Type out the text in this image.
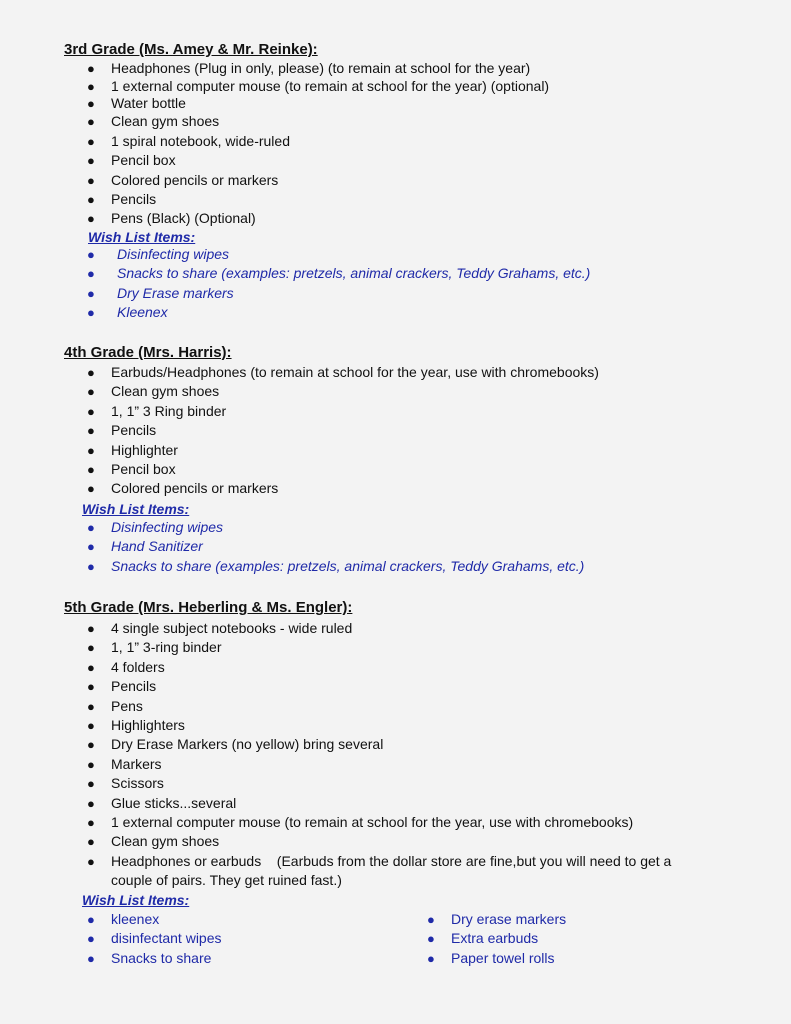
3rd Grade (Ms. Amey & Mr. Reinke):
● Headphones (Plug in only, please) (to remain at school for the year)
● 1 external computer mouse (to remain at school for the year) (optional)
● Water bottle
● Clean gym shoes
● 1 spiral notebook, wide-ruled
● Pencil box
● Colored pencils or markers
● Pencils
● Pens (Black) (Optional)

Wish List Items:

● Disinfecting wipes
● Snacks to share (examples: pretzels, animal crackers, Teddy Grahams, etc.)
● Dry Erase markers
● Kleenex
4th Grade (Mrs. Harris):
● Earbuds/Headphones (to remain at school for the year, use with chromebooks)
● Clean gym shoes
● 1, 1” 3 Ring binder
● Pencils
● Highlighter
● Pencil box
● Colored pencils or markers

Wish List Items:

● Disinfecting wipes
● Hand Sanitizer
● Snacks to share (examples: pretzels, animal crackers, Teddy Grahams, etc.)
5th Grade (Mrs. Heberling & Ms. Engler):
● 4 single subject notebooks - wide ruled
● 1, 1” 3-ring binder
● 4 folders
● Pencils
● Pens
● Highlighters
● Dry Erase Markers (no yellow) bring several
● Markers
● Scissors
● Glue sticks...several
● 1 external computer mouse (to remain at school for the year, use with chromebooks)
● Clean gym shoes
● Headphones or earbuds    (Earbuds from the dollar store are fine,but you will need to get a couple of pairs. They get ruined fast.)

Wish List Items:

● kleenex
● disinfectant wipes
● Snacks to share
● Dry erase markers
● Extra earbuds
● Paper towel rolls
